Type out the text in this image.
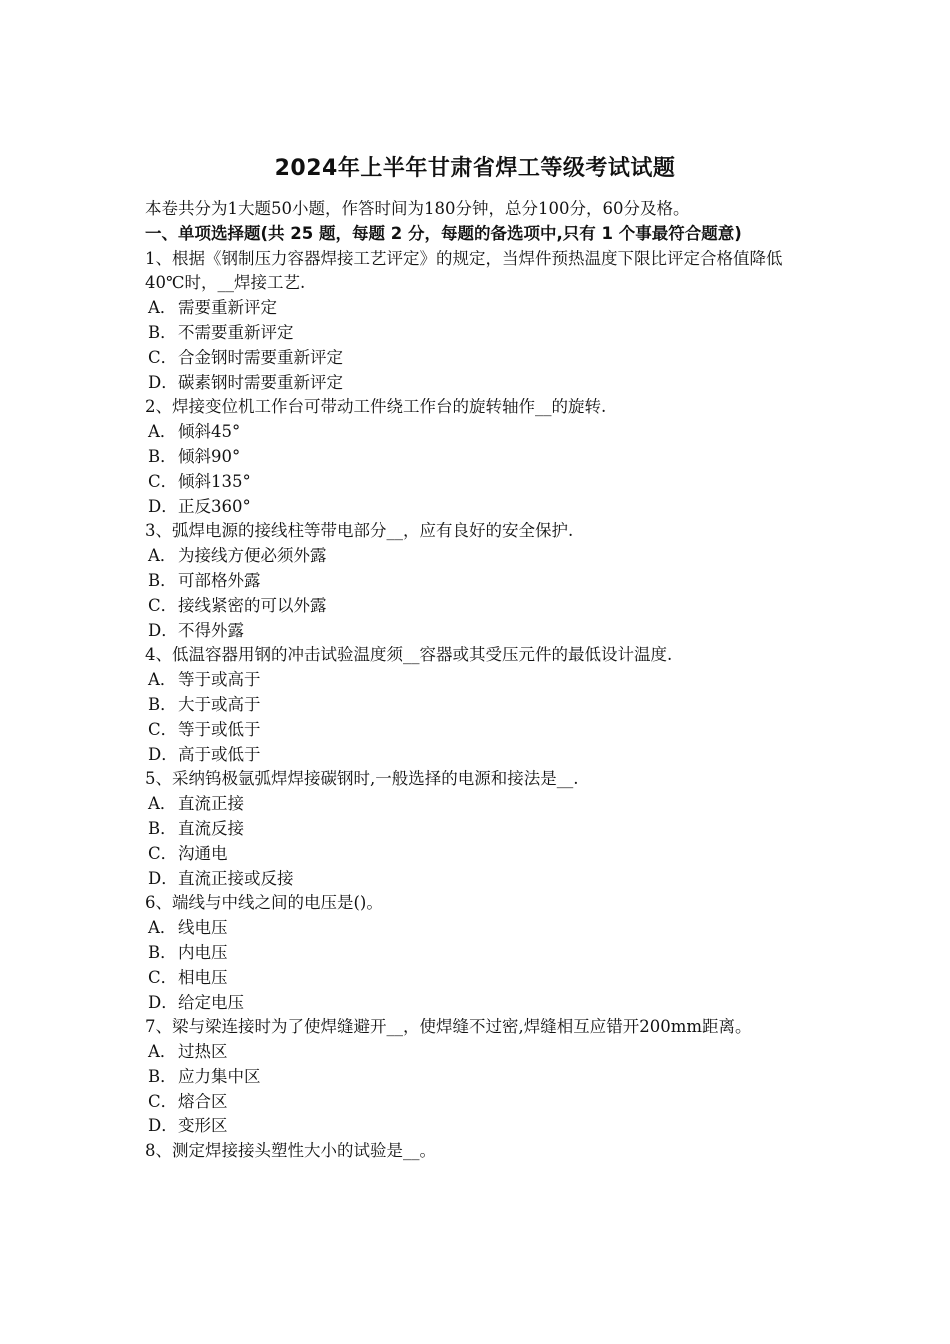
2024年上半年甘肃省焊工等级考试试题
本卷共分为1大题50小题，作答时间为180分钟，总分100分，60分及格。
一、单项选择题(共 25 题，每题 2 分，每题的备选项中,只有 1 个事最符合题意)
1、根据《钢制压力容器焊接工艺评定》的规定，当焊件预热温度下限比评定合格值降低40℃时，__焊接工艺.
A．需要重新评定
B．不需要重新评定
C．合金钢时需要重新评定
D．碳素钢时需要重新评定
2、焊接变位机工作台可带动工件绕工作台的旋转轴作__的旋转.
A．倾斜45°
B．倾斜90°
C．倾斜135°
D．正反360°
3、弧焊电源的接线柱等带电部分__，应有良好的安全保护.
A．为接线方便必须外露
B．可部格外露
C．接线紧密的可以外露
D．不得外露
4、低温容器用钢的冲击试验温度须__容器或其受压元件的最低设计温度.
A．等于或高于
B．大于或高于
C．等于或低于
D．高于或低于
5、采纳钨极氩弧焊焊接碳钢时,一般选择的电源和接法是__.
A．直流正接
B．直流反接
C．沟通电
D．直流正接或反接
6、端线与中线之间的电压是()。
A．线电压
B．内电压
C．相电压
D．给定电压
7、梁与梁连接时为了使焊缝避开__，使焊缝不过密,焊缝相互应错开200mm距离。
A．过热区
B．应力集中区
C．熔合区
D．变形区
8、测定焊接接头塑性大小的试验是__。
